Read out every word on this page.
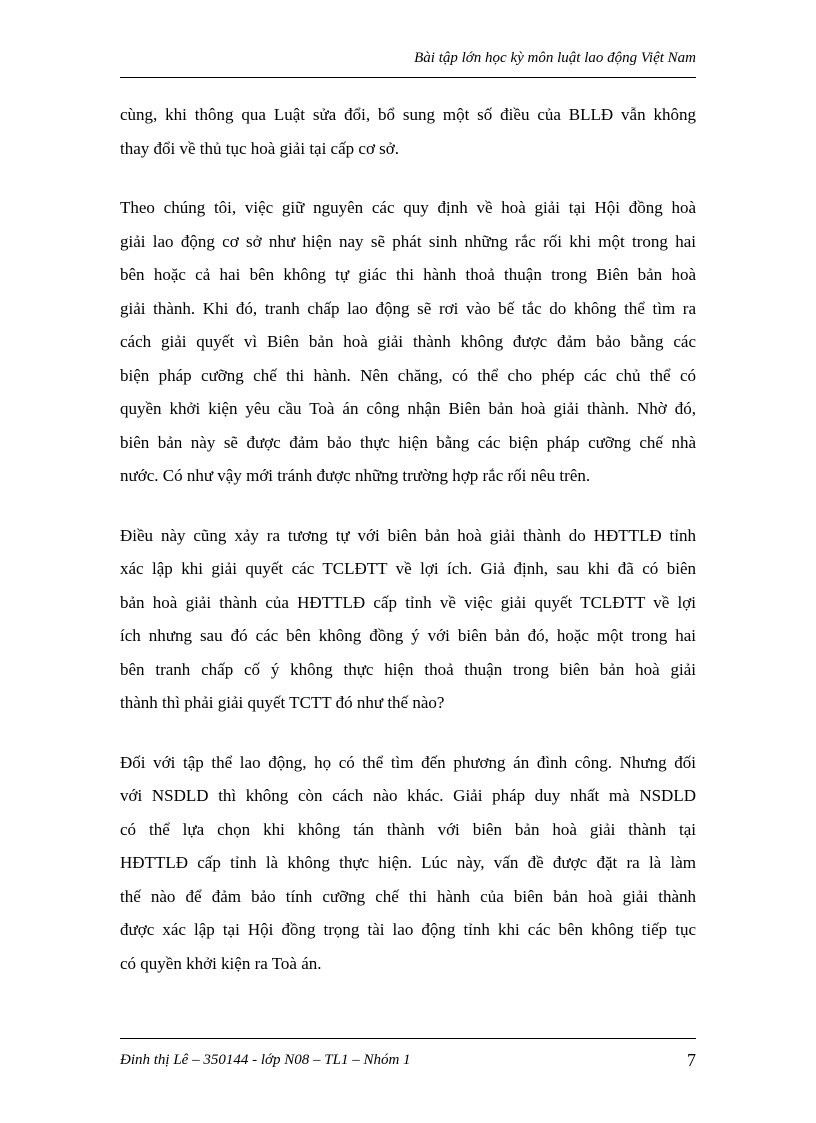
Bài tập lớn học kỳ môn luật lao động Việt Nam

cùng, khi thông qua Luật sửa đổi, bổ sung một số điều của BLLĐ vẫn không
thay đổi về thủ tục hoà giải tại cấp cơ sở.

Theo chúng tôi, việc giữ nguyên các quy định về hoà giải tại Hội đồng hoà
giải lao động cơ sở như hiện nay sẽ phát sinh những rắc rối khi một trong hai
bên hoặc cả hai bên không tự giác thi hành thoả thuận trong Biên bản hoà
giải thành. Khi đó, tranh chấp lao động sẽ rơi vào bế tắc do không thể tìm ra
cách giải quyết vì Biên bản hoà giải thành không được đảm bảo bằng các
biện pháp cưỡng chế thi hành. Nên chăng, có thể cho phép các chủ thể có
quyền khởi kiện yêu cầu Toà án công nhận Biên bản hoà giải thành. Nhờ đó,
biên bản này sẽ được đảm bảo thực hiện bằng các biện pháp cưỡng chế nhà
nước. Có như vậy mới tránh được những trường hợp rắc rối nêu trên.

Điều này cũng xảy ra tương tự với biên bản hoà giải thành do HĐTTLĐ tỉnh
xác lập khi giải quyết các TCLĐTT về lợi ích. Giả định, sau khi đã có biên
bản hoà giải thành của HĐTTLĐ cấp tỉnh về việc giải quyết TCLĐTT về lợi
ích nhưng sau đó các bên không đồng ý với biên bản đó, hoặc một trong hai
bên tranh chấp cố ý không thực hiện thoả thuận trong biên bản hoà giải
thành thì phải giải quyết TCTT đó như thế nào?

Đối với tập thể lao động, họ có thể tìm đến phương án đình công. Nhưng đối
với NSDLD thì không còn cách nào khác. Giải pháp duy nhất mà NSDLD
có thể lựa chọn khi không tán thành với biên bản hoà giải thành tại
HĐTTLĐ cấp tỉnh là không thực hiện. Lúc này, vấn đề được đặt ra là làm
thế nào để đảm bảo tính cưỡng chế thi hành của biên bản hoà giải thành
được xác lập tại Hội đồng trọng tài lao động tỉnh khi các bên không tiếp tục
có quyền khởi kiện ra Toà án.

Đinh thị Lê – 350144 - lớp N08 – TL1 – Nhóm 1	7
